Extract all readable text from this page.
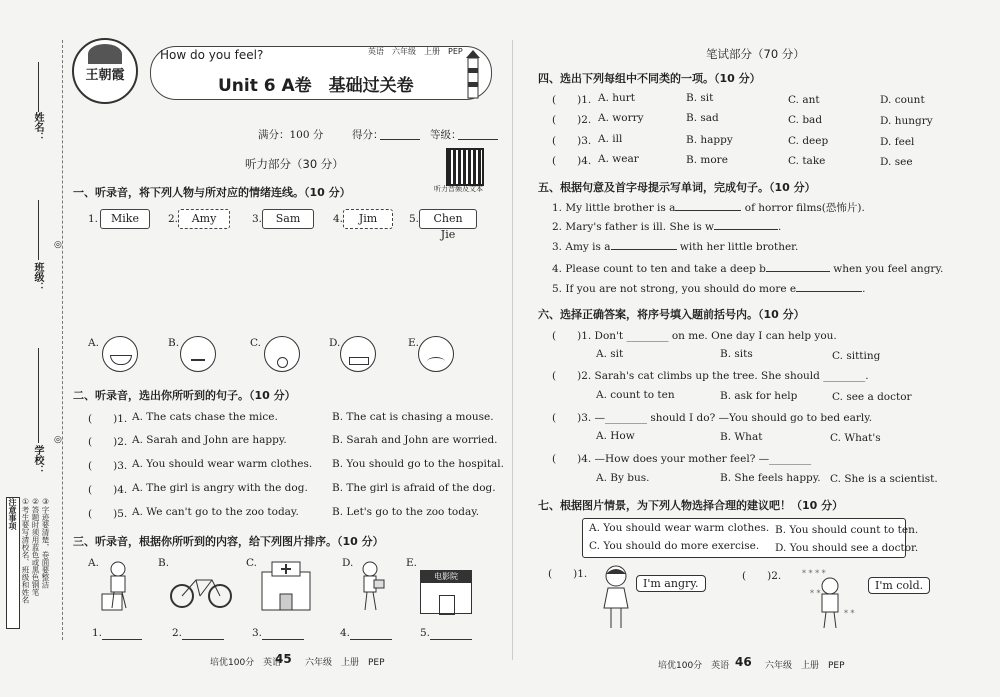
姓名：
班级：
学校：
◎
◎
注意事项 ①考生要写清校名、班级和姓名 ②答题时须用蓝色或黑色钢笔 ③字迹要清楚，卷面要整洁
王朝霞
How do you feel?	英语　六年级　上册　PEP
Unit 6 A卷　基础过关卷
满分：100 分	得分：	等级：
听力部分（30 分）
听力音频及文本
一、听录音，将下列人物与所对应的情绪连线。（10 分）
1.	Mike	2.	Amy	3.	Sam	4.	Jim	5.	Chen Jie
A.	B.	C.	D.	E.
二、听录音，选出你所听到的句子。（10 分）
(　　)1. A. The cats chase the mice.	B. The cat is chasing a mouse.
(　　)2. A. Sarah and John are happy.	B. Sarah and John are worried.
(　　)3. A. You should wear warm clothes. B. You should go to the hospital.
(　　)4. A. The girl is angry with the dog. B. The girl is afraid of the dog.
(　　)5. A. We can't go to the zoo today.	B. Let's go to the zoo today.
三、听录音，根据你所听到的内容，给下列图片排序。（10 分）
A.	B.	C.	D.	E.
电影院
1.	2.	3.	4.	5.
培优100分　英语
45 六年级　上册　PEP
笔试部分（70 分）
四、选出下列每组中不同类的一项。（10 分）
(　　)1. A. hurt	B. sit	C. ant	D. count
(　　)2. A. worry	B. sad	C. bad	D. hungry
(　　)3. A. ill	B. happy	C. deep	D. feel
(　　)4. A. wear	B. more	C. take	D. see
五、根据句意及首字母提示写单词，完成句子。（10 分）
1. My little brother is a	of horror films(恐怖片).
2. Mary's father is ill. She is w	.
3. Amy is a	with her little brother.
4. Please count to ten and take a deep b	when you feel angry.
5. If you are not strong, you should do more e	.
六、选择正确答案，将序号填入题前括号内。（10 分）
(　　)1. Don't ________ on me. One day I can help you.
A. sit	B. sits	C. sitting
(　　)2. Sarah's cat climbs up the tree. She should ________.
A. count to ten	B. ask for help	C. see a doctor
(　　)3. —________ should I do? —You should go to bed early.
A. How	B. What	C. What's
(　　)4. —How does your mother feel? —________
A. By bus.	B. She feels happy. C. She is a scientist.
七、根据图片情景，为下列人物选择合理的建议吧！（10 分）
A. You should wear warm clothes. B. You should count to ten.
C. You should do more exercise. D. You should see a doctor.
(　　)1.
I'm angry.
(　　)2.	* * * *
* *
* *
I'm cold.
培优100分　英语 46 六年级　上册　PEP
